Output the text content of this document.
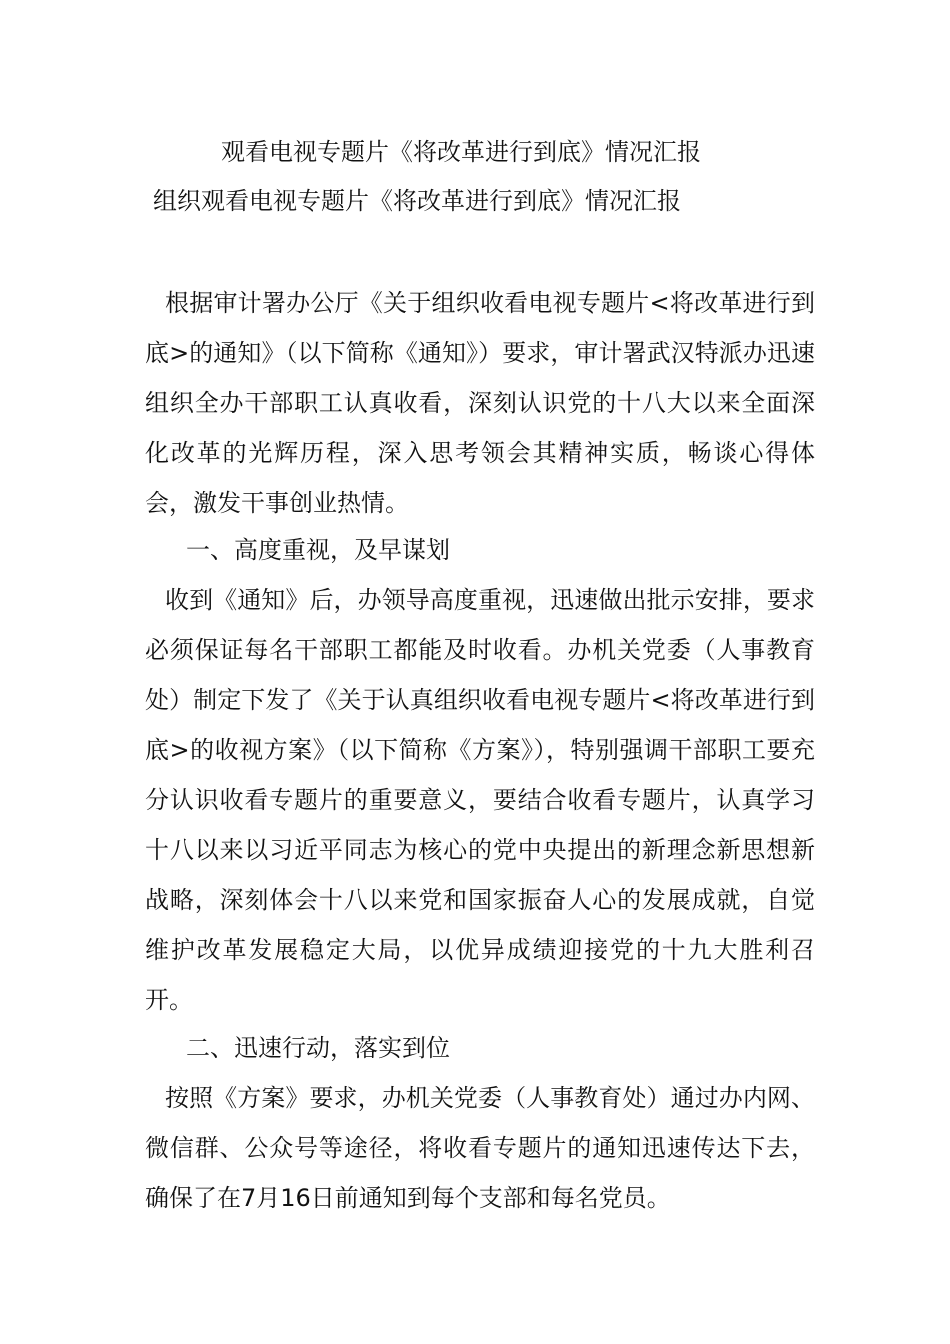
观看电视专题片《将改革进行到底》情况汇报
组织观看电视专题片《将改革进行到底》情况汇报

根据审计署办公厅《关于组织收看电视专题片<将改革进行到底>的通知》（以下简称《通知》）要求，审计署武汉特派办迅速组织全办干部职工认真收看，深刻认识党的十八大以来全面深化改革的光辉历程，深入思考领会其精神实质，畅谈心得体会，激发干事创业热情。

一、高度重视，及早谋划

收到《通知》后，办领导高度重视，迅速做出批示安排，要求必须保证每名干部职工都能及时收看。办机关党委（人事教育处）制定下发了《关于认真组织收看电视专题片<将改革进行到底>的收视方案》（以下简称《方案》），特别强调干部职工要充分认识收看专题片的重要意义，要结合收看专题片，认真学习十八以来以习近平同志为核心的党中央提出的新理念新思想新战略，深刻体会十八以来党和国家振奋人心的发展成就，自觉维护改革发展稳定大局，以优异成绩迎接党的十九大胜利召开。

二、迅速行动，落实到位

按照《方案》要求，办机关党委（人事教育处）通过办内网、微信群、公众号等途径，将收看专题片的通知迅速传达下去，确保了在7月16日前通知到每个支部和每名党员。
